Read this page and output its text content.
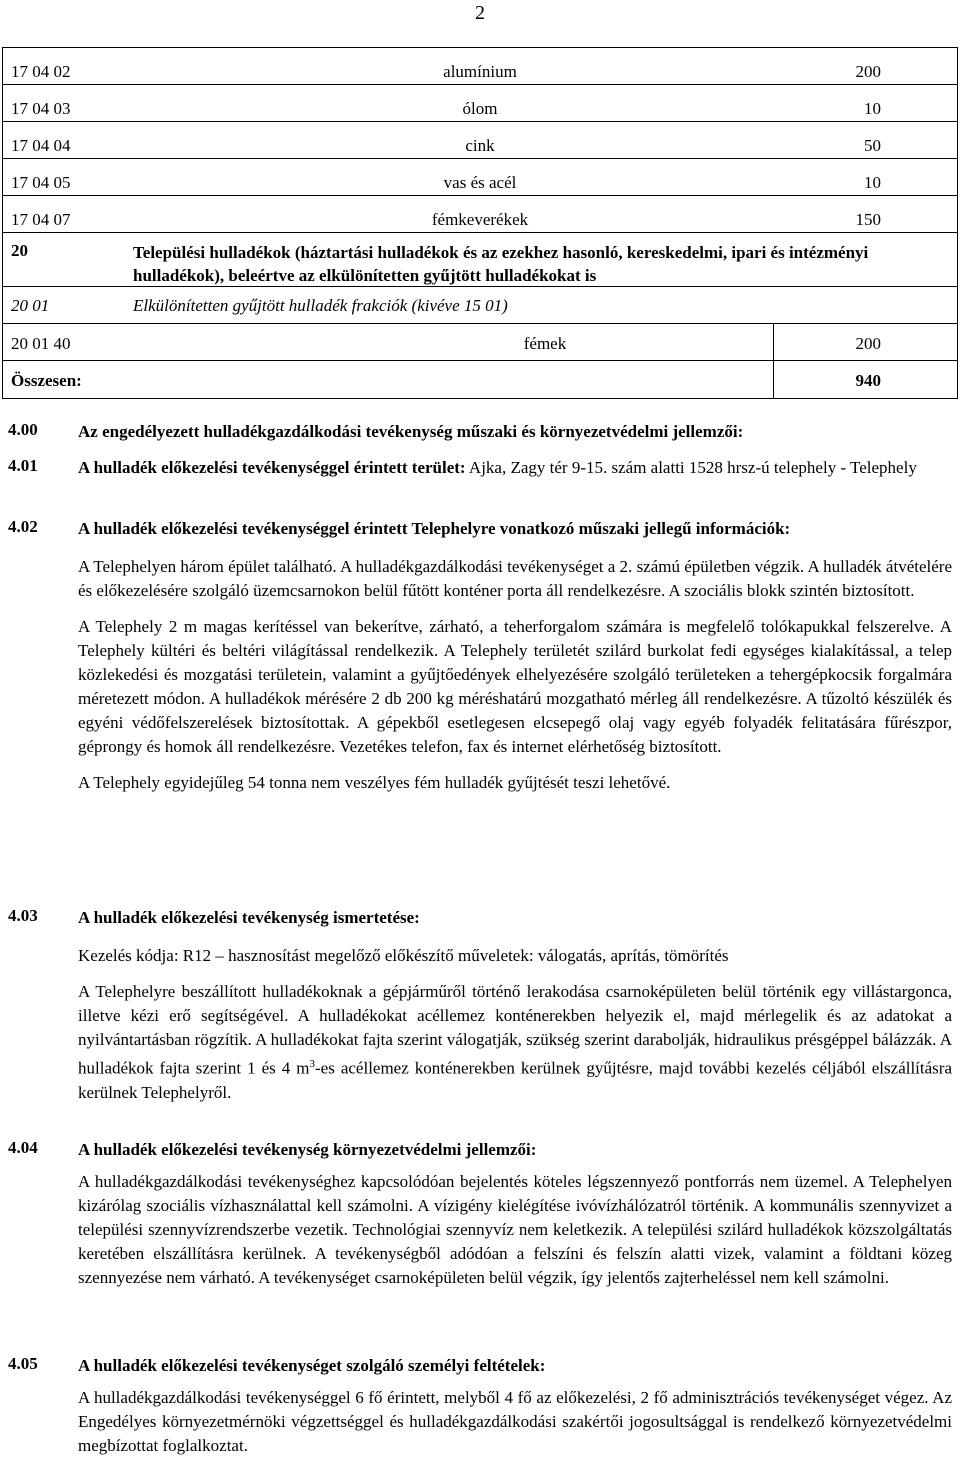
2
17 04 02	alumínium	200
17 04 03	ólom	10
17 04 04	cink	50
17 04 05	vas és acél	10
17 04 07	fémkeverékek	150
20	Települési hulladékok (háztartási hulladékok és az ezekhez hasonló, kereskedelmi, ipari és intézményi hulladékok), beleértve az elkülönítetten gyűjtött hulladékokat is
20 01	Elkülönítetten gyűjtött hulladék frakciók (kivéve 15 01)
20 01 40	fémek	200
Összesen:	940
4.00 Az engedélyezett hulladékgazdálkodási tevékenység műszaki és környezetvédelmi jellemzői:

4.01 A hulladék előkezelési tevékenységgel érintett terület: Ajka, Zagy tér 9-15. szám alatti 1528 hrsz-ú telephely - Telephely

4.02 A hulladék előkezelési tevékenységgel érintett Telephelyre vonatkozó műszaki jellegű információk:

A Telephelyen három épület található. A hulladékgazdálkodási tevékenységet a 2. számú épületben végzik. A hulladék átvételére és előkezelésére szolgáló üzemcsarnokon belül fűtött konténer porta áll rendelkezésre. A szociális blokk szintén biztosított.

A Telephely 2 m magas kerítéssel van bekerítve, zárható, a teherforgalom számára is megfelelő tolókapukkal felszerelve. A Telephely kültéri és beltéri világítással rendelkezik. A Telephely területét szilárd burkolat fedi egységes kialakítással, a telep közlekedési és mozgatási területein, valamint a gyűjtőedények elhelyezésére szolgáló területeken a tehergépkocsik forgalmára méretezett módon. A hulladékok mérésére 2 db 200 kg méréshatárú mozgatható mérleg áll rendelkezésre. A tűzoltó készülék és egyéni védőfelszerelések biztosítottak. A gépekből esetlegesen elcsepegő olaj vagy egyéb folyadék felitatására fűrészpor, géprongy és homok áll rendelkezésre. Vezetékes telefon, fax és internet elérhetőség biztosított.

A Telephely egyidejűleg 54 tonna nem veszélyes fém hulladék gyűjtését teszi lehetővé.

4.03 A hulladék előkezelési tevékenység ismertetése:

Kezelés kódja: R12 – hasznosítást megelőző előkészítő műveletek: válogatás, aprítás, tömörítés

A Telephelyre beszállított hulladékoknak a gépjárműről történő lerakodása csarnoképületen belül történik egy villástargonca, illetve kézi erő segítségével. A hulladékokat acéllemez konténerekben helyezik el, majd mérlegelik és az adatokat a nyilvántartásban rögzítik. A hulladékokat fajta szerint válogatják, szükség szerint darabolják, hidraulikus présgéppel bálázzák. A hulladékok fajta szerint 1 és 4 $m^3-es$ acéllemez konténerekben kerülnek gyűjtésre, majd további kezelés céljából elszállításra kerülnek Telephelyről.

4.04 A hulladék előkezelési tevékenység környezetvédelmi jellemzői:

A hulladékgazdálkodási tevékenységhez kapcsolódóan bejelentés köteles légszennyező pontforrás nem üzemel. A Telephelyen kizárólag szociális vízhasználattal kell számolni. A vízigény kielégítése ivóvízhálózatról történik. A kommunális szennyvizet a települési szennyvízrendszerbe vezetik. Technológiai szennyvíz nem keletkezik. A települési szilárd hulladékok közszolgáltatás keretében elszállításra kerülnek. A tevékenységből adódóan a felszíni és felszín alatti vizek, valamint a földtani közeg szennyezése nem várható. A tevékenységet csarnoképületen belül végzik, így jelentős zajterheléssel nem kell számolni.

4.05 A hulladék előkezelési tevékenységet szolgáló személyi feltételek:

A hulladékgazdálkodási tevékenységgel 6 fő érintett, melyből 4 fő az előkezelési, 2 fő adminisztrációs tevékenységet végez. Az Engedélyes környezetmérnöki végzettséggel és hulladékgazdálkodási szakértői jogosultsággal is rendelkező környezetvédelmi megbízottat foglalkoztat.
